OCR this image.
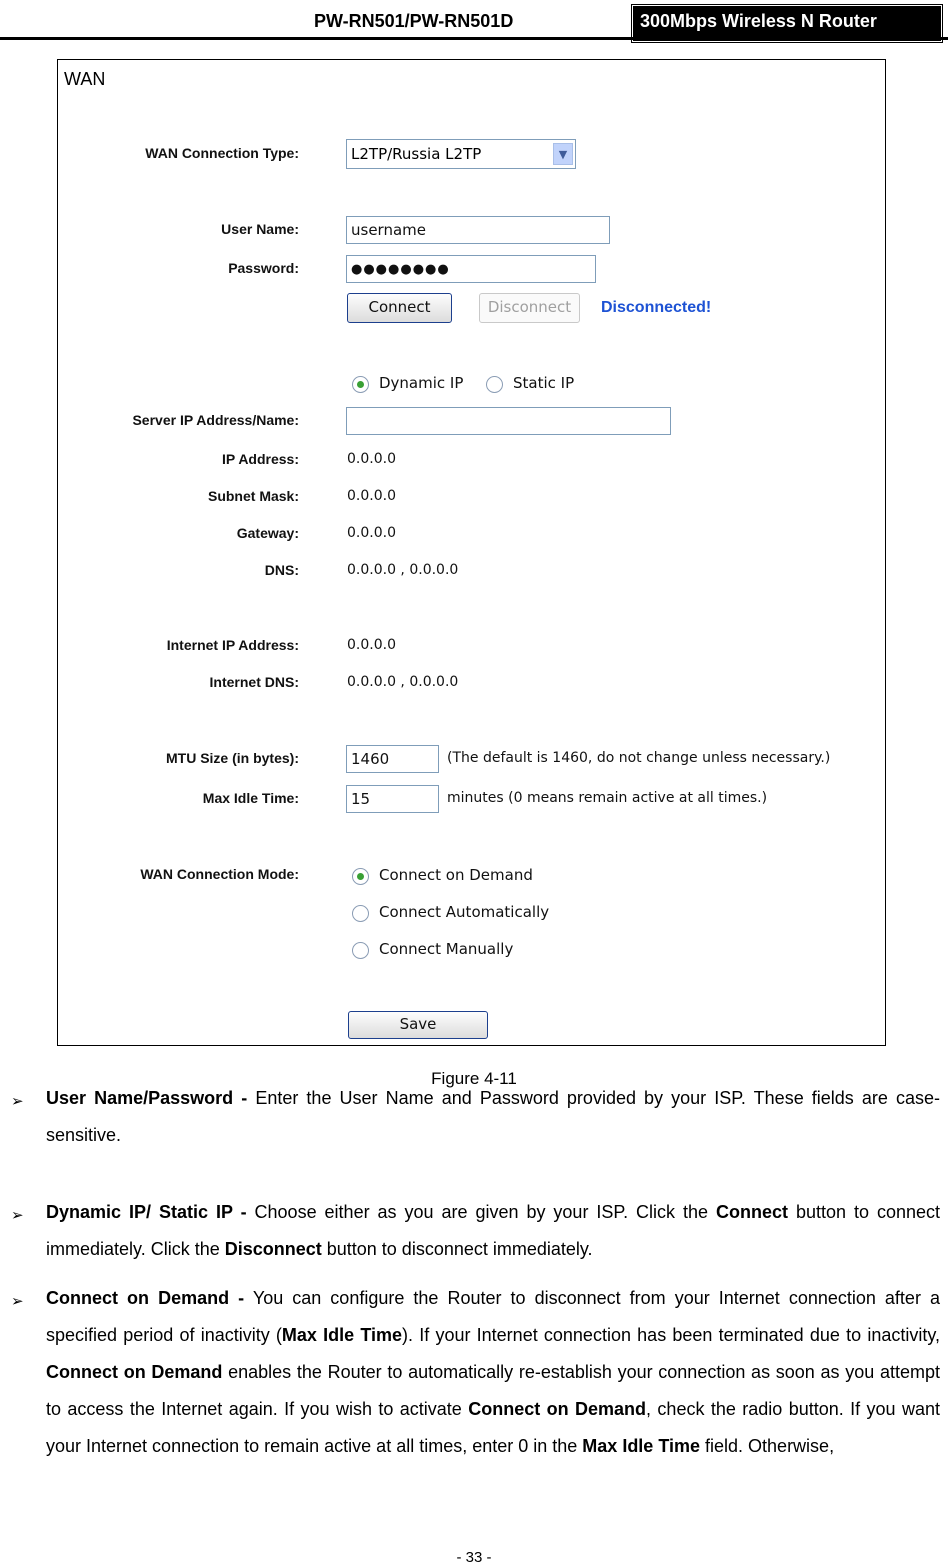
PW-RN501/PW-RN501D	300Mbps Wireless N Router
WAN
WAN Connection Type:	L2TP/Russia L2TP	▼
User Name:	username
Password:	●●●●●●●●
Connect	Disconnect	Disconnected!
Dynamic IP	Static IP
Server IP Address/Name:
IP Address:	0.0.0.0
Subnet Mask:	0.0.0.0
Gateway:	0.0.0.0
DNS:	0.0.0.0 , 0.0.0.0
Internet IP Address:	0.0.0.0
Internet DNS:	0.0.0.0 , 0.0.0.0
MTU Size (in bytes):	1460	(The default is 1460, do not change unless necessary.)
Max Idle Time:	15	minutes (0 means remain active at all times.)
WAN Connection Mode:	Connect on Demand
Connect Automatically
Connect Manually
Save
Figure 4-11
➢ User Name/Password - Enter the User Name and Password provided by your ISP. These fields are case-sensitive.
➢ Dynamic IP/ Static IP - Choose either as you are given by your ISP. Click the Connect button to connect immediately. Click the Disconnect button to disconnect immediately.
➢ Connect on Demand - You can configure the Router to disconnect from your Internet connection after a specified period of inactivity (Max Idle Time). If your Internet connection has been terminated due to inactivity, Connect on Demand enables the Router to automatically re-establish your connection as soon as you attempt to access the Internet again. If you wish to activate Connect on Demand, check the radio button. If you want your Internet connection to remain active at all times, enter 0 in the Max Idle Time field. Otherwise,
- 33 -
